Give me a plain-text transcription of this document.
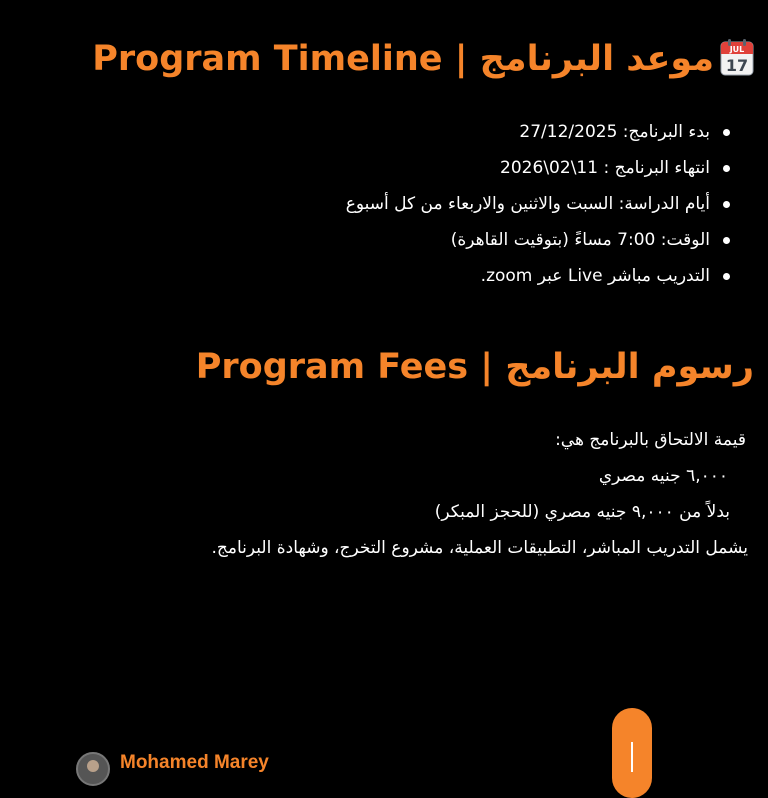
JUL
17
موعد البرنامج | Program Timeline
بدء البرنامج: 27/12/2025
انتهاء البرنامج : 11\02\2026
أيام الدراسة: السبت والاثنين والاربعاء من كل أسبوع
الوقت: 7:00 مساءً (بتوقيت القاهرة)
التدريب مباشر Live عبر zoom.
رسوم البرنامج | Program Fees
قيمة الالتحاق بالبرنامج هي:
٦,٠٠٠ جنيه مصري
بدلاً من ٩,٠٠٠ جنيه مصري (للحجز المبكر)
يشمل التدريب المباشر، التطبيقات العملية، مشروع التخرج، وشهادة البرنامج.
Mohamed Marey
